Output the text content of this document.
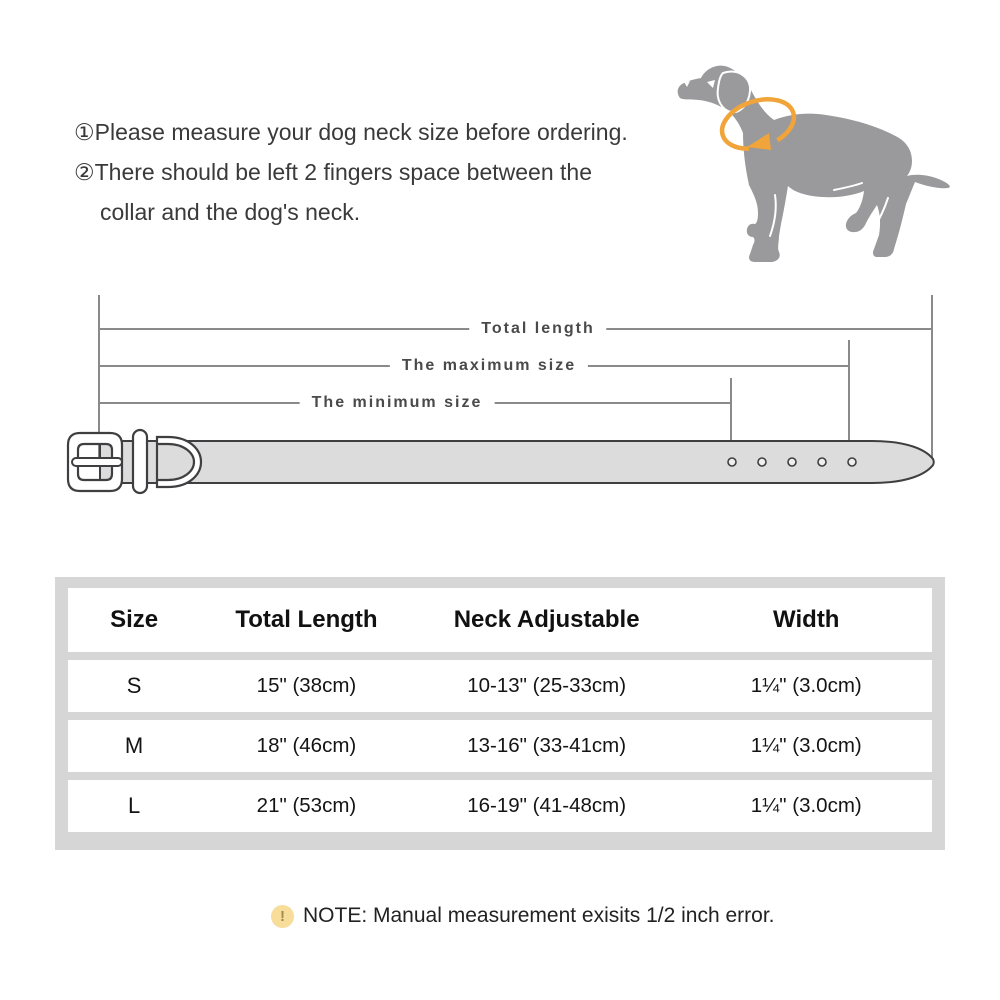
①Please measure your dog neck size before ordering.
②There should be left 2 fingers space between the
collar and the dog's neck.
Total length
The maximum size
The minimum size
Size	Total Length	Neck Adjustable	Width
S	15" (38cm)	10-13" (25-33cm)	1¼" (3.0cm)
M	18" (46cm)	13-16" (33-41cm)	1¼" (3.0cm)
L	21" (53cm)	16-19" (41-48cm)	1¼" (3.0cm)
! NOTE: Manual measurement exisits 1/2 inch error.
